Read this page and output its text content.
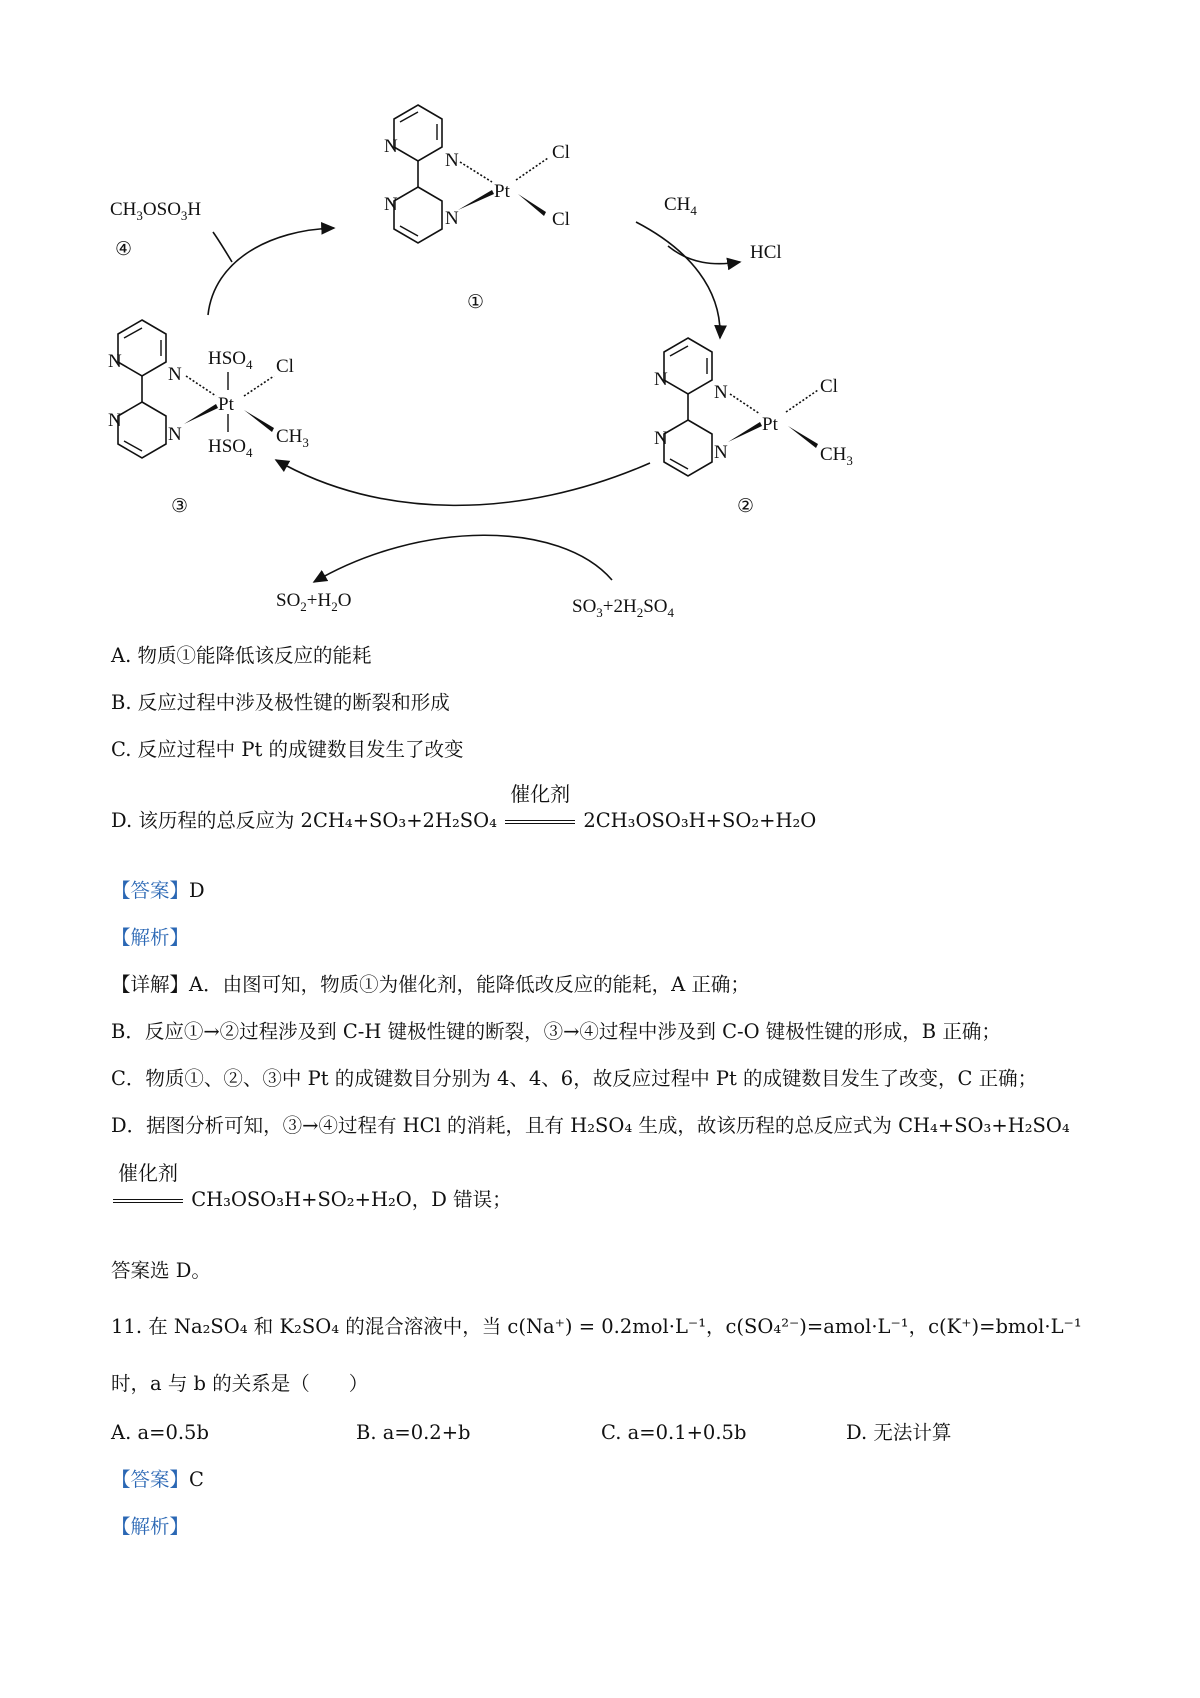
N
N
N
N
Pt
Cl
Cl
①
N
N
N
N
Pt
Cl
$CH_3$
②
N
N
N
N
Pt
$HSO_4$
$HSO_4$
Cl
$CH_3$
③
$CH_3OSO_3H$
④
$CH_4$
HCl
$SO_2+H_2O$	$SO_3+2H_2SO_4$
A. 物质①能降低该反应的能耗
B. 反应过程中涉及极性键的断裂和形成
C. 反应过程中 Pt 的成键数目发生了改变
D. 该历程的总反应为 2CH₄+SO₃+2H₂SO₄
催化剂
2CH₃OSO₃H+SO₂+H₂O
【答案】D
【解析】
【详解】A．由图可知，物质①为催化剂，能降低改反应的能耗，A 正确；
B．反应①→②过程涉及到 C-H 键极性键的断裂，③→④过程中涉及到 C-O 键极性键的形成，B 正确；
C．物质①、②、③中 Pt 的成键数目分别为 4、4、6，故反应过程中 Pt 的成键数目发生了改变，C 正确；
D．据图分析可知，③→④过程有 HCl 的消耗，且有 H₂SO₄ 生成，故该历程的总反应式为 CH₄+SO₃+H₂SO₄
催化剂
CH₃OSO₃H+SO₂+H₂O，D 错误；
答案选 D。
11. 在 Na₂SO₄ 和 K₂SO₄ 的混合溶液中，当 c(Na⁺) = 0.2mol·L⁻¹，c(SO₄²⁻)=amol·L⁻¹，c(K⁺)=bmol·L⁻¹
时，a 与 b 的关系是（　　）
A. a=0.5b	B. a=0.2+b	C. a=0.1+0.5b	D. 无法计算
【答案】C
【解析】
